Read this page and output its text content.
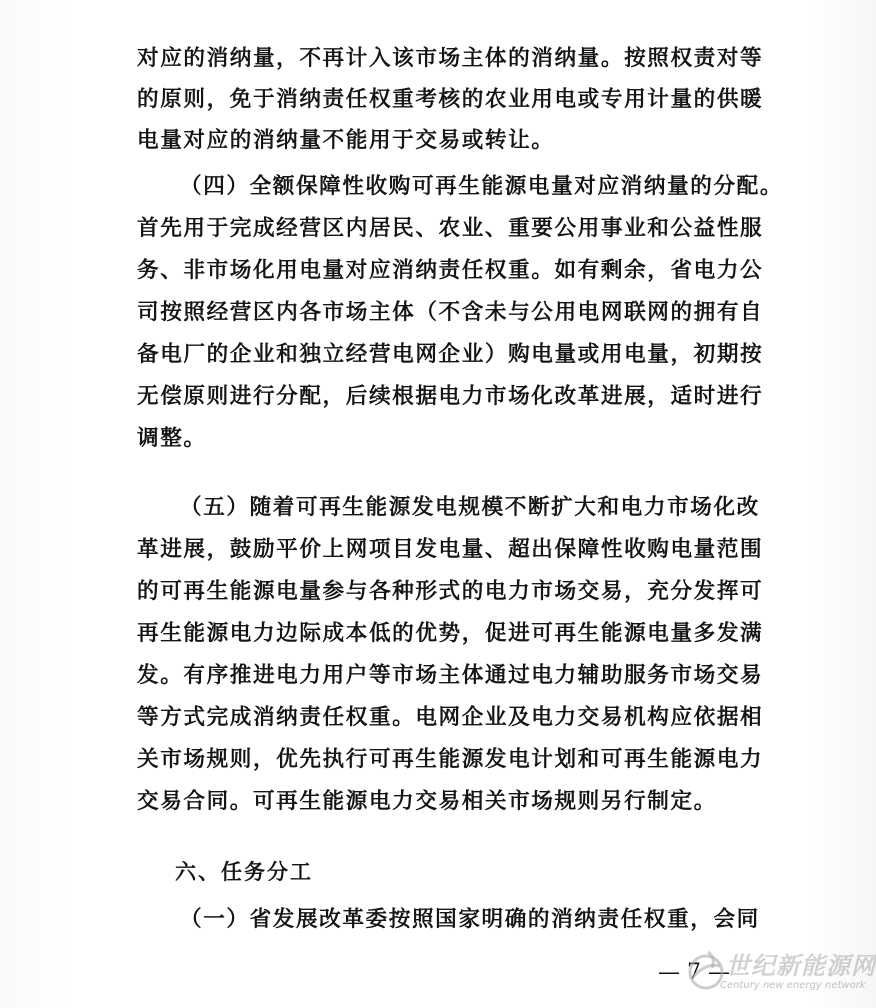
对应的消纳量，不再计入该市场主体的消纳量。按照权责对等
的原则，免于消纳责任权重考核的农业用电或专用计量的供暖
电量对应的消纳量不能用于交易或转让。
（四）全额保障性收购可再生能源电量对应消纳量的分配。
首先用于完成经营区内居民、农业、重要公用事业和公益性服
务、非市场化用电量对应消纳责任权重。如有剩余，省电力公
司按照经营区内各市场主体（不含未与公用电网联网的拥有自
备电厂的企业和独立经营电网企业）购电量或用电量，初期按
无偿原则进行分配，后续根据电力市场化改革进展，适时进行
调整。
（五）随着可再生能源发电规模不断扩大和电力市场化改
革进展，鼓励平价上网项目发电量、超出保障性收购电量范围
的可再生能源电量参与各种形式的电力市场交易，充分发挥可
再生能源电力边际成本低的优势，促进可再生能源电量多发满
发。有序推进电力用户等市场主体通过电力辅助服务市场交易
等方式完成消纳责任权重。电网企业及电力交易机构应依据相
关市场规则，优先执行可再生能源发电计划和可再生能源电力
交易合同。可再生能源电力交易相关市场规则另行制定。
六、任务分工
（一）省发展改革委按照国家明确的消纳责任权重，会同
— 7 —
世纪新能源网
Century new energy network
